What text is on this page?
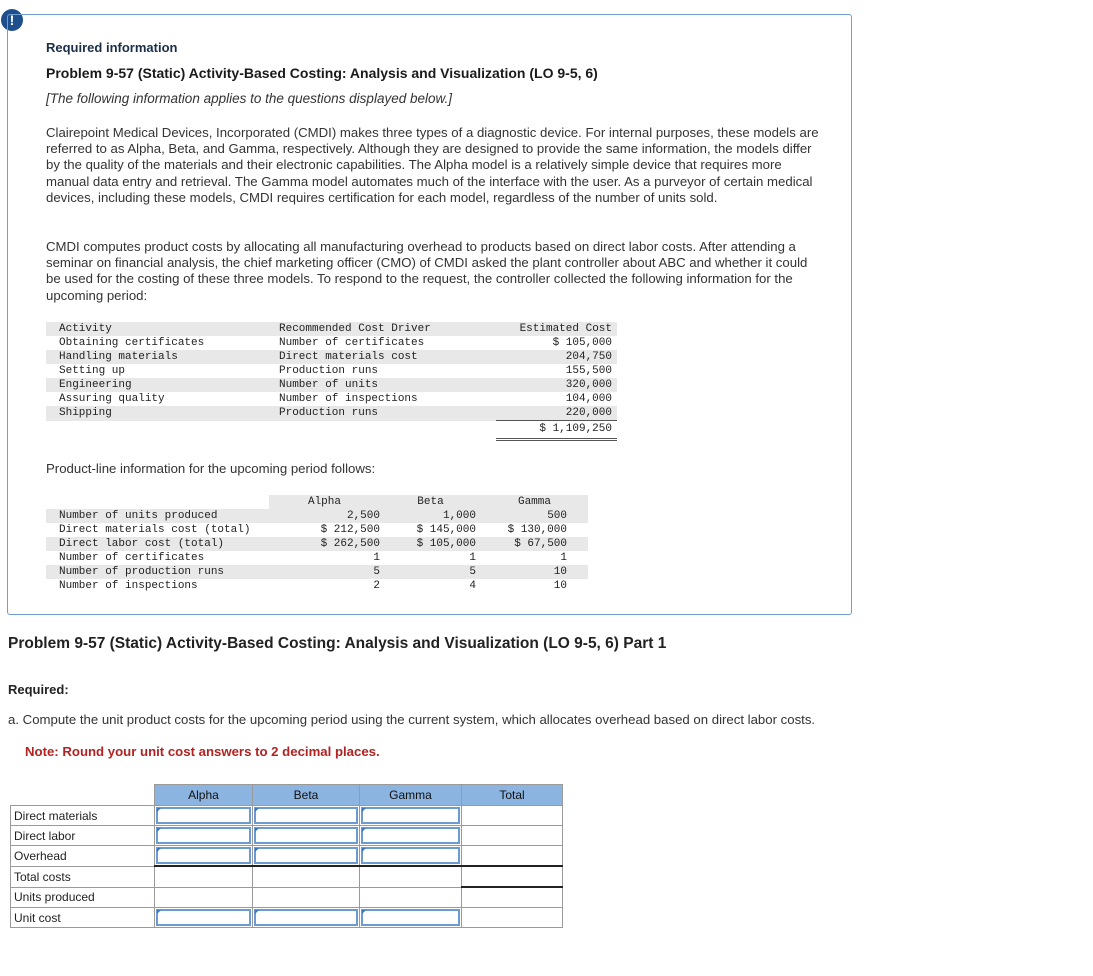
!
Required information
Problem 9-57 (Static) Activity-Based Costing: Analysis and Visualization (LO 9-5, 6)
[The following information applies to the questions displayed below.]
Clairepoint Medical Devices, Incorporated (CMDI) makes three types of a diagnostic device. For internal purposes, these models are referred to as Alpha, Beta, and Gamma, respectively. Although they are designed to provide the same information, the models differ by the quality of the materials and their electronic capabilities. The Alpha model is a relatively simple device that requires more manual data entry and retrieval. The Gamma model automates much of the interface with the user. As a purveyor of certain medical devices, including these models, CMDI requires certification for each model, regardless of the number of units sold.
CMDI computes product costs by allocating all manufacturing overhead to products based on direct labor costs. After attending a seminar on financial analysis, the chief marketing officer (CMO) of CMDI asked the plant controller about ABC and whether it could be used for the costing of these three models. To respond to the request, the controller collected the following information for the upcoming period:
Activity	Recommended Cost Driver	Estimated Cost
Obtaining certificates	Number of certificates	$ 105,000
Handling materials	Direct materials cost	204,750
Setting up	Production runs	155,500
Engineering	Number of units	320,000
Assuring quality	Number of inspections	104,000
Shipping	Production runs	220,000
		$ 1,109,250
Product-line information for the upcoming period follows:
	Alpha	Beta	Gamma
Number of units produced	2,500	1,000	500
Direct materials cost (total)	$ 212,500	$ 145,000	$ 130,000
Direct labor cost (total)	$ 262,500	$ 105,000	$ 67,500
Number of certificates	1	1	1
Number of production runs	5	5	10
Number of inspections	2	4	10
Problem 9-57 (Static) Activity-Based Costing: Analysis and Visualization (LO 9-5, 6) Part 1
Required:
a. Compute the unit product costs for the upcoming period using the current system, which allocates overhead based on direct labor costs.
Note: Round your unit cost answers to 2 decimal places.
	Alpha	Beta	Gamma	Total
Direct materials	

Direct labor	

Overhead	

Total costs				
Units produced				
Unit cost	
